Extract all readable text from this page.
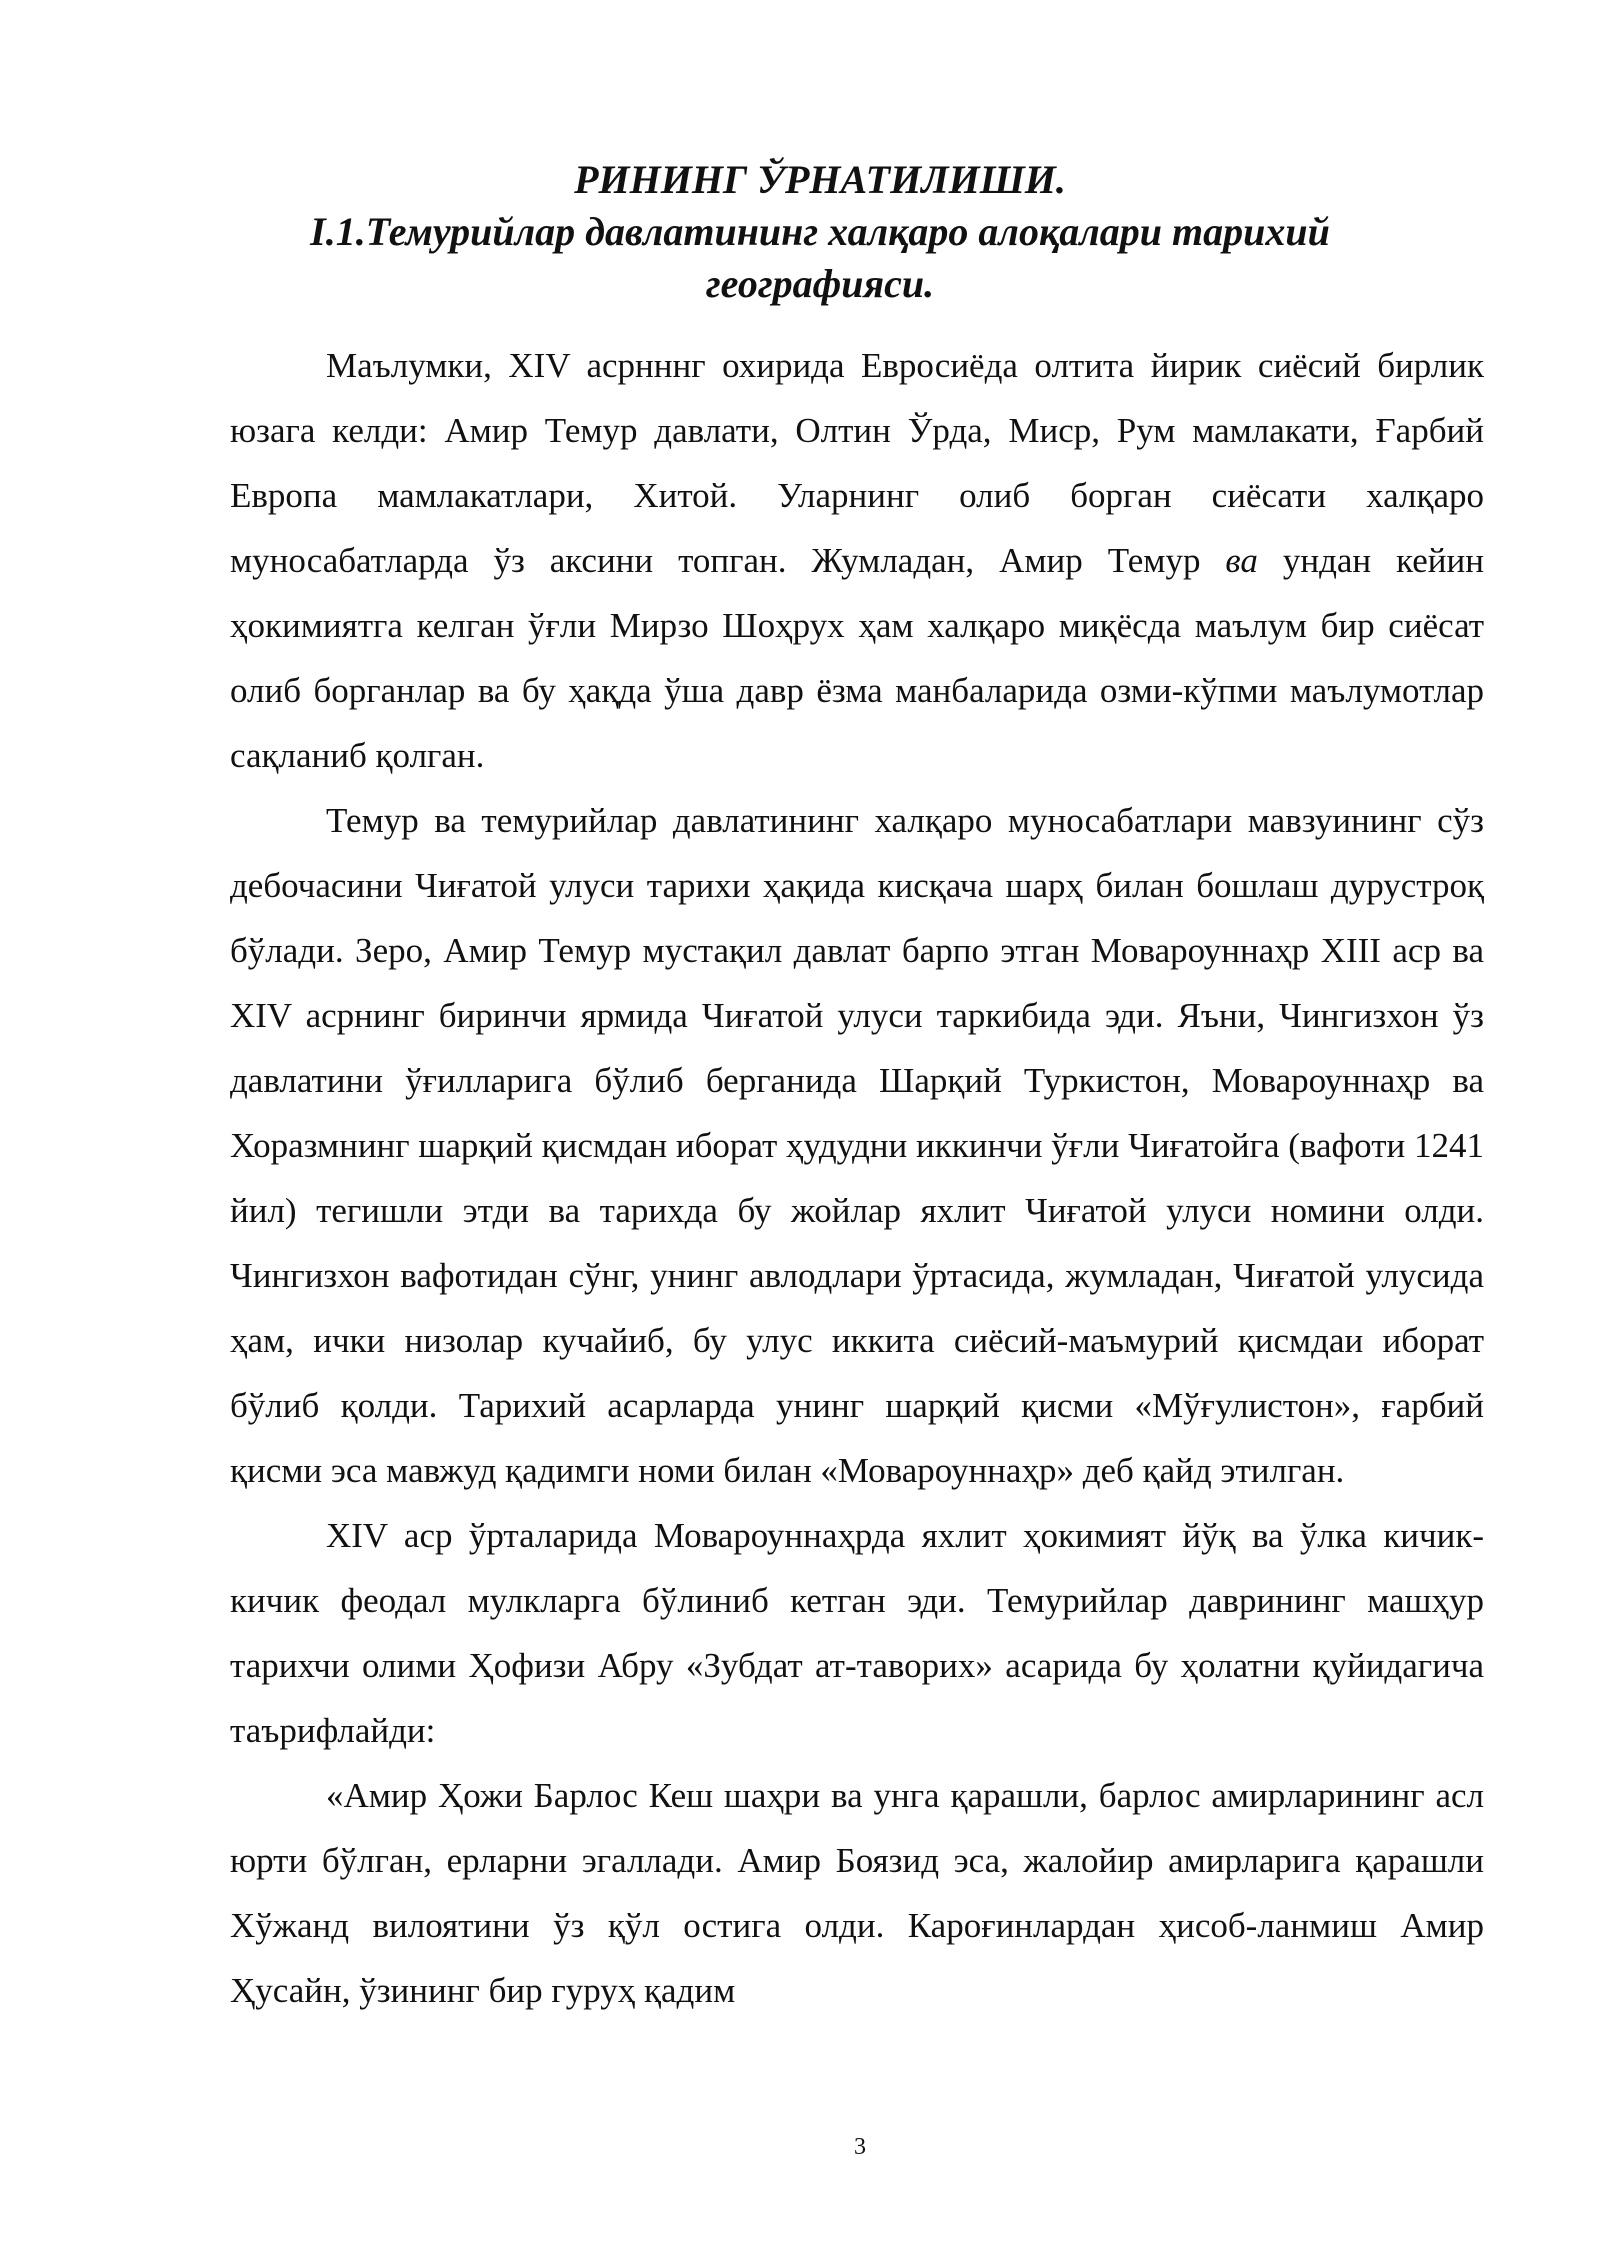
РИНИНГ ЎРНАТИЛИШИ.
I.1.Темурийлар давлатининг халқаро алоқалари тарихий географияси.

Маълумки, XIV асрнннг охирида Евросиёда олтита йирик сиёсий бирлик юзага келди: Амир Темур давлати, Олтин Ўрда, Миср, Рум мамлакати, Ғарбий Европа мамлакатлари, Хитой. Уларнинг олиб борган сиёсати халқаро муносабатларда ўз аксини топган. Жумладан, Амир Темур ва ундан кейин ҳокимиятга келган ўғли Мирзо Шоҳрух ҳам халқаро миқёсда маълум бир сиёсат олиб борганлар ва бу ҳақда ўша давр ёзма манбаларида озми-кўпми маълумотлар сақланиб қолган.

Темур ва темурийлар давлатининг халқаро муносабатлари мавзуининг сўз дебочасини Чиғатой улуси тарихи ҳақида кисқача шарҳ билан бошлаш дурустроқ бўлади. Зеро, Амир Темур мустақил давлат барпо этган Мовароуннаҳр XIII аср ва XIV асрнинг биринчи ярмида Чиғатой улуси таркибида эди. Яъни, Чингизхон ўз давлатини ўғилларига бўлиб берганида Шарқий Туркистон, Мовароуннаҳр ва Хоразмнинг шарқий қисмдан иборат ҳудудни иккинчи ўғли Чиғатойга (вафоти 1241 йил) тегишли этди ва тарихда бу жойлар яхлит Чиғатой улуси номини олди. Чингизхон вафотидан сўнг, унинг авлодлари ўртасида, жумладан, Чиғатой улусида ҳам, ички низолар кучайиб, бу улус иккита сиёсий-маъмурий қисмдаи иборат бўлиб қолди. Тарихий асарларда унинг шарқий қисми «Мўғулистон», ғарбий қисми эса мавжуд қадимги номи билан «Мовароуннаҳр» деб қайд этилган.

XIV аср ўрталарида Мовароуннаҳрда яхлит ҳокимият йўқ ва ўлка кичик-кичик феодал мулкларга бўлиниб кетган эди. Темурийлар даврининг машҳур тарихчи олими Ҳофизи Абру «Зубдат ат-таворих» асарида бу ҳолатни қуйидагича таърифлайди:

«Амир Ҳожи Барлос Кеш шаҳри ва унга қарашли, барлос амирларининг асл юрти бўлган, ерларни эгаллади. Амир Боязид эса, жалойир амирларига қарашли Хўжанд вилоятини ўз қўл остига олди. Карoғинлардан ҳисоб-ланмиш Амир Ҳусайн, ўзининг бир гуруҳ қадим

3
